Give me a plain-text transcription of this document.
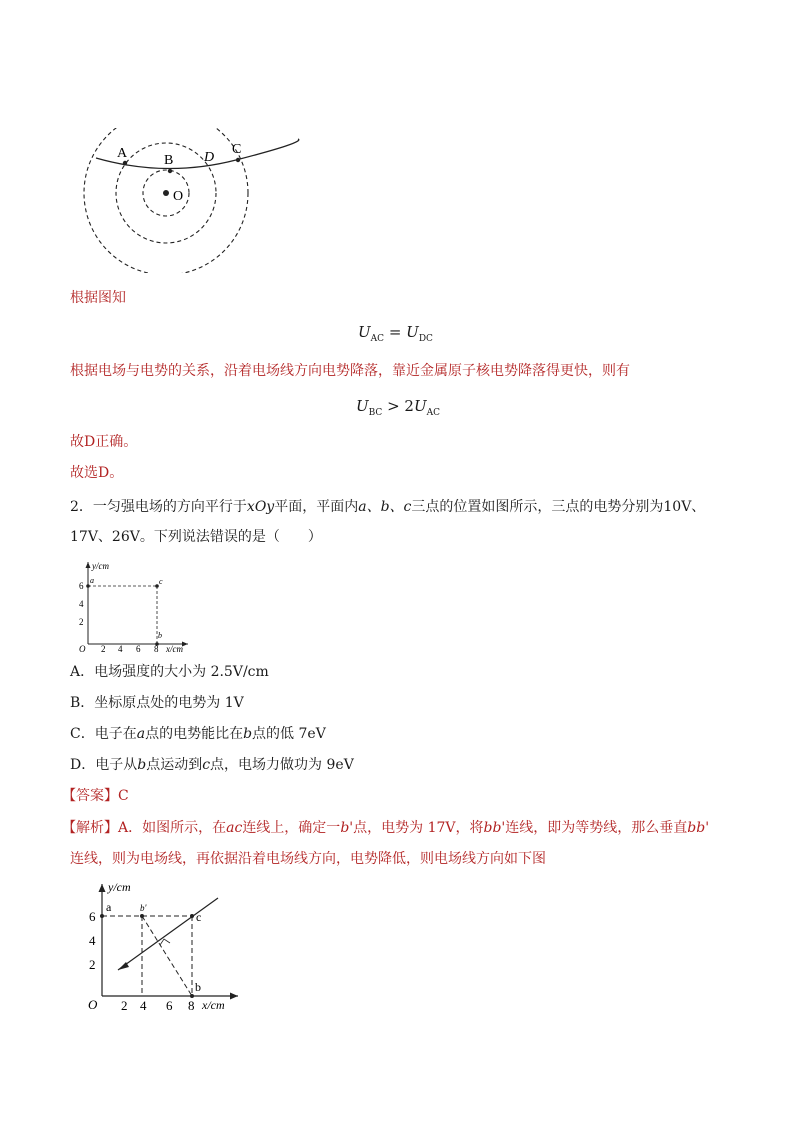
A	B D
C
O
根据图知
$U_{AC} = U_{DC}$
根据电场与电势的关系，沿着电场线方向电势降落，靠近金属原子核电势降落得更快，则有
$U_{BC} > 2U_{AC}$
故D正确。
故选D。
2．一匀强电场的方向平行于xOy平面，平面内a、b、c三点的位置如图所示，三点的电势分别为10V、
17V、26V。下列说法错误的是（　　）
y/cm
x/cm
O
6
4
2
2 4 6 8
a	c
b
A．电场强度的大小为 2.5V/cm
B．坐标原点处的电势为 1V
C．电子在a点的电势能比在b点的低 7eV
D．电子从b点运动到c点，电场力做功为 9eV
【答案】C
【解析】A．如图所示，在ac连线上，确定一b'点，电势为 17V，将bb'连线，即为等势线，那么垂直bb'
连线，则为电场线，再依据沿着电场线方向，电势降低，则电场线方向如下图
y/cm
x/cm
O
6
4
2
2 4 6 8
a
c
b
b'
